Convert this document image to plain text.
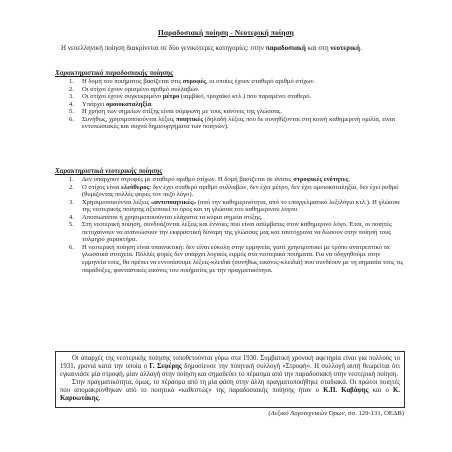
Παραδοσιακή ποίηση - Νεοτερική ποίηση
Η νεοελληνική ποίηση διακρίνεται σε δύο γενικότερες κατηγορίες: στην παραδοσιακή και στη νεοτερική.
Χαρακτηριστικά παραδοσιακής ποίησης
1. Η δομή του ποιήματος βασίζεται στις στροφές, οι οποίες έχουν σταθερό αριθμό στίχων.
2. Οι στίχοι έχουν ορισμένο αριθμό συλλαβών.
3. Οι στίχοι έχουν συγκεκριμένο μέτρο (ιαμβικό, τροχαϊκό κτλ.) που παραμένει σταθερό.
4. Υπάρχει ομοιοκαταληξία.
5. Η χρήση των σημείων στίξης είναι σύμφωνη με τους κανόνες της γλώσσας.
6. Συνήθως, χρησιμοποιούνται λέξεις ποιητικές (δηλαδή λέξεις που δε συνηθίζονται στη κοινή καθημερινή ομιλία, είναι εντυπωσιακές και συχνά δημιουργήματα των ποιητών).
Χαρακτηριστικά νεοτερικής ποίησης
1. Δεν υπάρχουν στροφές με σταθερό αριθμό στίχων. Η δομή βασίζεται σε άνισες στροφικές ενότητες.
2. Ο στίχος είναι ελεύθερος: δεν έχει σταθερό αριθμό συλλαβών, δεν έχει μέτρο, δεν έχει ομοιοκαταληξία, δεν έχει ρυθμό (θυμίζοντας πολλές φορές τον πεζό λόγο).
3. Χρησιμοποιούνται λέξεις «αντιποιητικές» (από την καθημερινότητα, από το επαγγελματικό λεξιλόγιο κτλ.). Η γλώσσα της νεοτερικής ποίησης αξιοποιεί το όρος και τη γλώσσα του καθημερινού λόγου.
4. Αποσιωπάται ή χρησιμοποιούνται ελάχιστα τα κύρια σημεία στίξης.
5. Στη νεοτερική ποίηση, συνδυάζονται λέξεις και έννοιες που είναι ασύμβατες στον καθημερινό λόγο. Έτσι, οι ποιητές πετυχαίνουν να ανανεώσουν την εκφραστική δύναμη της γλώσσας μας και ταυτόχρονα να δώσουν στην ποίησή τους τολμηρό χαρακτήρα.
6. Η νεοτερική ποίηση είναι υπαινικτική: δεν είναι εύκολη στην ερμηνεία, γιατί χρησιμοποιεί με τρόπο ανατρεπτικό τα γλωσσικά στοιχεία. Πολλές φορές δεν υπάρχει λογικός ειρμός στα νεοτερικά ποιήματα. Για να οδηγηθούμε στην ερμηνεία τους, θα πρέπει να εντοπίσουμε λέξεις-κλειδιά (συνήθως εικόνες-κλειδιά) που συνδέουν με τη σημασία τους τις παράδοξες, φανταστικές εικόνες του ποιήματος με την πραγματικότητα.

Οι απαρχές της νεοτερικής ποίησης τοποθετούνται γύρω στα 1930. Συμβατική χρονική αφετηρία είναι για πολλούς το 1931, χρονιά κατά την οποία ο Γ. Σεφέρης δημοσίευσε την ποιητική συλλογή «Στροφή». Η συλλογή αυτή θεωρείται ότι εγκαινιάσε μία στροφή, μίαν αλλαγή στην ποίηση και σημαδεύει το πέρασμα από την παραδοσιακή στην νεοτερική ποίηση.

Στην πραγματικότητα, όμως, το πέρασμα από τη μία φάση στην άλλη πραγματοποιήθηκε σταδιακά. Οι πρώτοι ποιητές που απομακρύνθηκαν από το ποιητικό «καθεστώς» της παραδοσιακής ποίησης ήταν ο Κ.Π. Καβάφης και ο Κ. Καρυωτάκης.

(Λεξικό Λογοτεχνικών Όρων, σσ. 129-131, ΟΕΔΒ)
